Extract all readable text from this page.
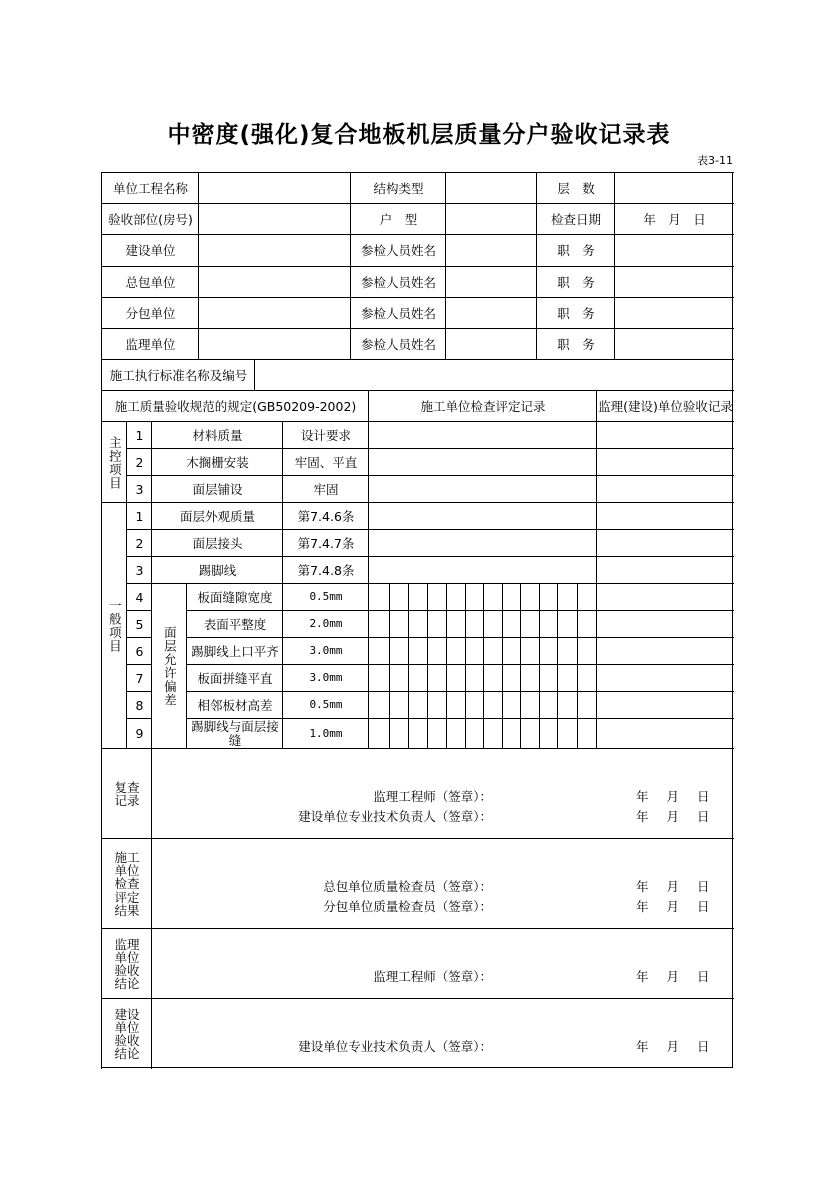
中密度(强化)复合地板机层质量分户验收记录表
表3-11
单位工程名称	结构类型	层　数
验收部位(房号)	户　型	检查日期	年　月　日
建设单位	参检人员姓名	职　务
总包单位	参检人员姓名	职　务
分包单位	参检人员姓名	职　务
监理单位	参检人员姓名	职　务
施工执行标准名称及编号
施工质量验收规范的规定(GB50209-2002)	施工单位检查评定记录	监理(建设)单位验收记录
主控项目
1	材料质量	设计要求
2	木搁栅安装	牢固、平直
3	面层铺设	牢固
一般项目
1	面层外观质量	第7.4.6条
2	面层接头	第7.4.7条
3	踢脚线	第7.4.8条
面层允许偏差
4	板面缝隙宽度	0.5mm
5	表面平整度	2.0mm
6	踢脚线上口平齐	3.0mm
7	板面拼缝平直	3.0mm
8	相邻板材高差	0.5mm
9	踢脚线与面层接缝	1.0mm
复查记录	监理工程师（签章）：	年 月 日
建设单位专业技术负责人（签章）：	年 月 日
施工单位检查评定结果
总包单位质量检查员（签章）：	年 月 日
分包单位质量检查员（签章）：	年 月 日
监理单位验收结论	监理工程师（签章）：	年 月 日
建设单位验收结论	建设单位专业技术负责人（签章）：	年 月 日
